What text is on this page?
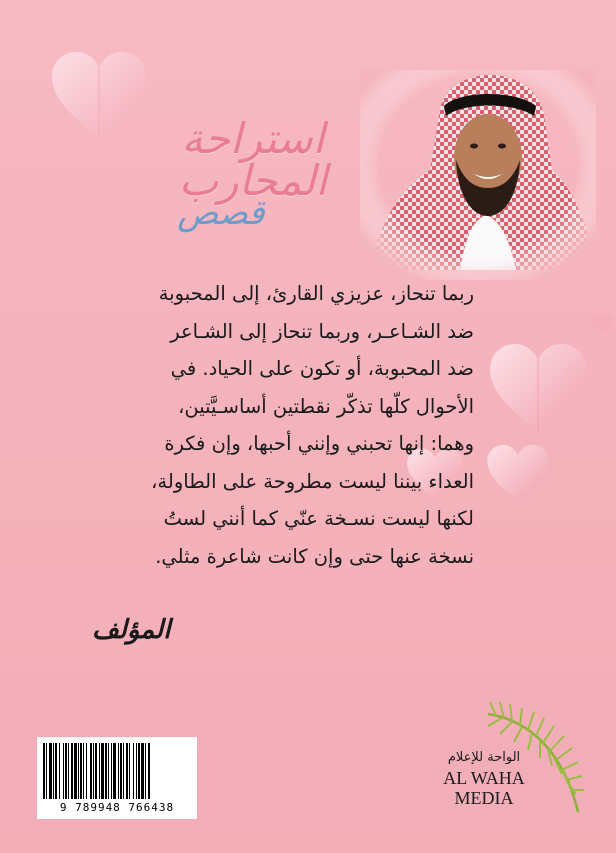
استراحة المحارب
قصص
ربما تنحاز، عزيزي القارئ، إلى المحبوبة
ضد الشـاعـر، وربما تنحاز إلى الشـاعر
ضد المحبوبة، أو تكون على الحياد. في
الأحوال كلّها تذكّر نقطتين أساسـيَّتين،
وهما: إنها تحبني وإنني أحبها، وإن فكرة
العداء بيننا ليست مطروحة على الطاولة،
لكنها ليست نسـخة عنّي كما أنني لستُ
نسخة عنها حتى وإن كانت شاعرة مثلي.
المؤلف
9 789948 766438
الواحة للإعلام
AL WAHA
MEDIA
